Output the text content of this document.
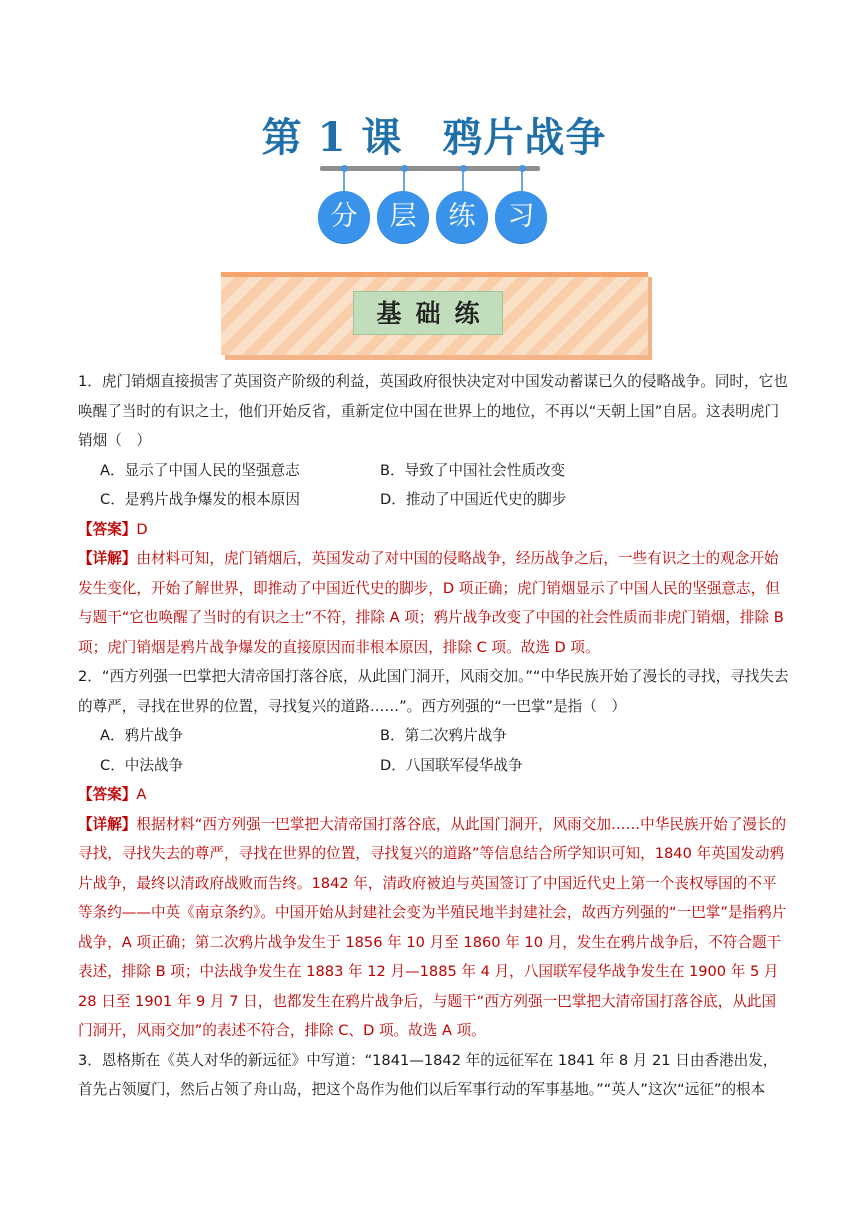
第 1 课 鸦片战争
分	层	练	习
基础练

1．虎门销烟直接损害了英国资产阶级的利益，英国政府很快决定对中国发动蓄谋已久的侵略战争。同时，它也唤醒了当时的有识之士，他们开始反省，重新定位中国在世界上的地位，不再以“天朝上国”自居。这表明虎门销烟（　）

A．显示了中国人民的坚强意志	B．导致了中国社会性质改变
C．是鸦片战争爆发的根本原因	D．推动了中国近代史的脚步

【答案】D

【详解】由材料可知，虎门销烟后，英国发动了对中国的侵略战争，经历战争之后，一些有识之士的观念开始发生变化，开始了解世界，即推动了中国近代史的脚步，D 项正确；虎门销烟显示了中国人民的坚强意志，但与题干“它也唤醒了当时的有识之士”不符，排除 A 项；鸦片战争改变了中国的社会性质而非虎门销烟，排除 B 项；虎门销烟是鸦片战争爆发的直接原因而非根本原因，排除 C 项。故选 D 项。

2．“西方列强一巴掌把大清帝国打落谷底，从此国门洞开，风雨交加。”“中华民族开始了漫长的寻找，寻找失去的尊严，寻找在世界的位置，寻找复兴的道路……”。西方列强的“一巴掌”是指（　）

A．鸦片战争	B．第二次鸦片战争
C．中法战争	D．八国联军侵华战争

【答案】A

【详解】根据材料“西方列强一巴掌把大清帝国打落谷底，从此国门洞开，风雨交加……中华民族开始了漫长的寻找，寻找失去的尊严，寻找在世界的位置，寻找复兴的道路”等信息结合所学知识可知，1840 年英国发动鸦片战争，最终以清政府战败而告终。1842 年，清政府被迫与英国签订了中国近代史上第一个丧权辱国的不平等条约——中英《南京条约》。中国开始从封建社会变为半殖民地半封建社会，故西方列强的“一巴掌”是指鸦片战争，A 项正确；第二次鸦片战争发生于 1856 年 10 月至 1860 年 10 月，发生在鸦片战争后，不符合题干表述，排除 B 项；中法战争发生在 1883 年 12 月—1885 年 4 月，八国联军侵华战争发生在 1900 年 5 月 28 日至 1901 年 9 月 7 日，也都发生在鸦片战争后，与题干“西方列强一巴掌把大清帝国打落谷底，从此国门洞开，风雨交加”的表述不符合，排除 C、D 项。故选 A 项。

3．恩格斯在《英人对华的新远征》中写道：“1841—1842 年的远征军在 1841 年 8 月 21 日由香港出发，首先占领厦门，然后占领了舟山岛，把这个岛作为他们以后军事行动的军事基地。”“英人”这次“远征”的根本
